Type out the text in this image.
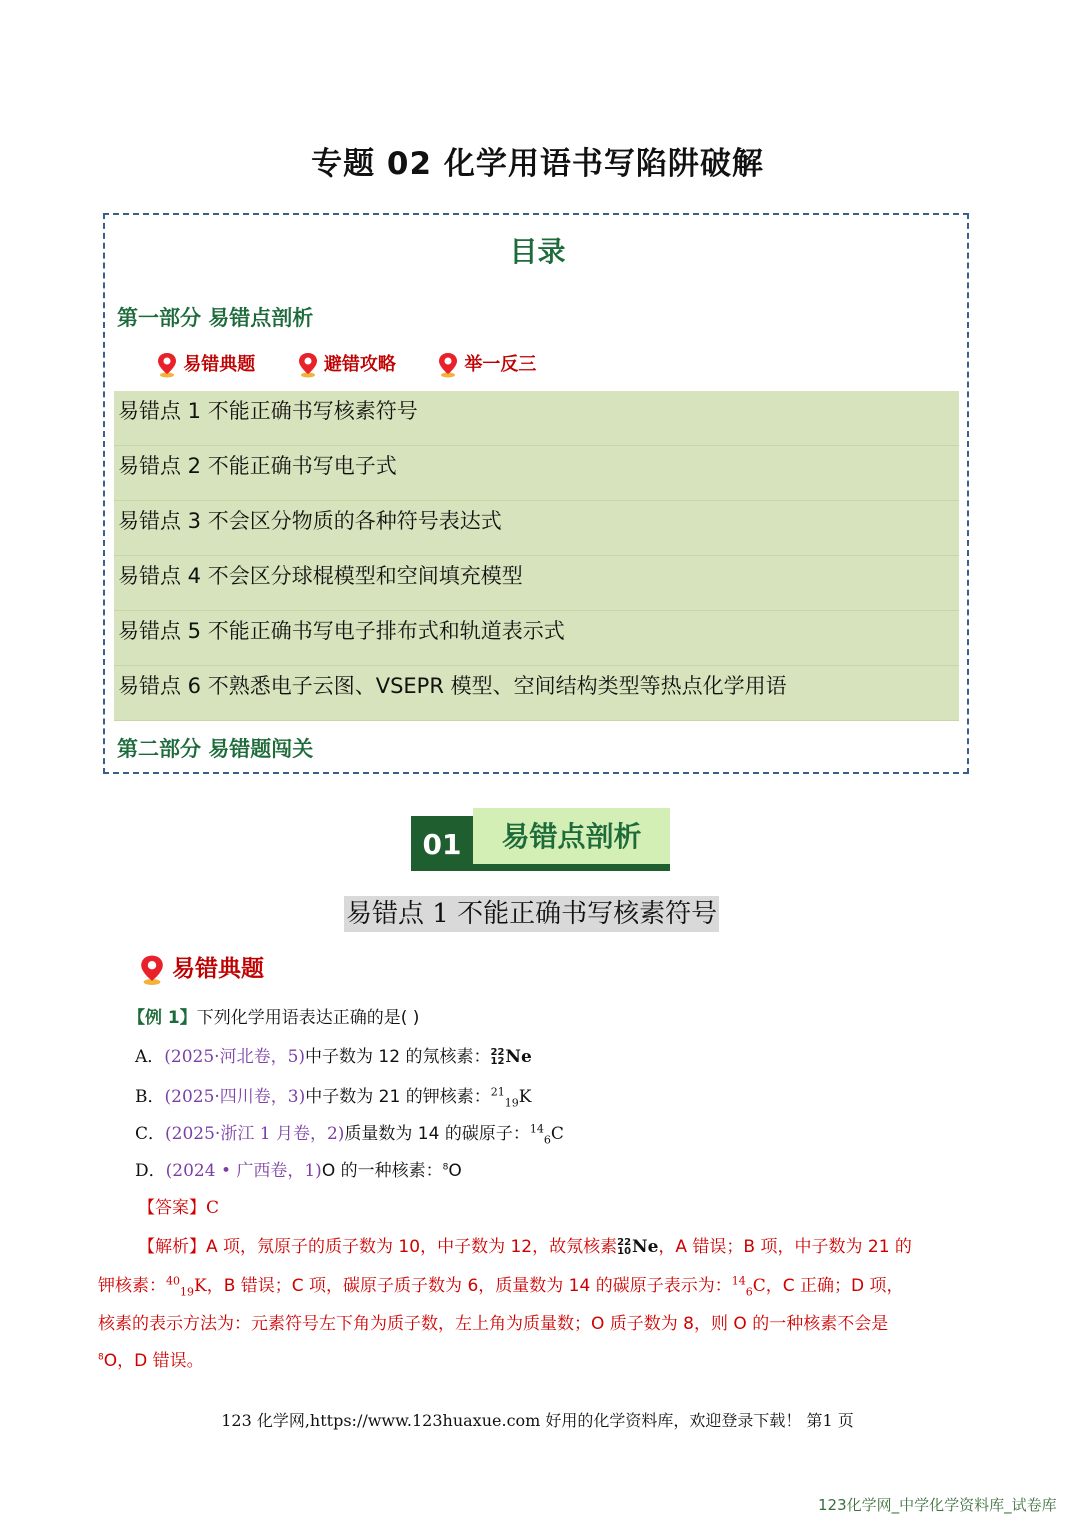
专题 02 化学用语书写陷阱破解
目录
第一部分 易错点剖析
易错典题	避错攻略	举一反三
易错点 1 不能正确书写核素符号
易错点 2 不能正确书写电子式
易错点 3 不会区分物质的各种符号表达式
易错点 4 不会区分球棍模型和空间填充模型
易错点 5 不能正确书写电子排布式和轨道表示式
易错点 6 不熟悉电子云图、VSEPR 模型、空间结构类型等热点化学用语
第二部分 易错题闯关
01	易错点剖析
易错点 1 不能正确书写核素符号
易错典题
【例 1】下列化学用语表达正确的是( )
A．(2025·河北卷，5)中子数为 12 的氖核素：22
12Ne
B．(2025·四川卷，3)中子数为 21 的钾核素：$^{21}_{19}$K
C．(2025·浙江 1 月卷，2)质量数为 14 的碳原子：$^{14}_6$C
D．(2024 • 广西卷，1)O 的一种核素：$^8$O
【答案】C
【解析】A 项，氖原子的质子数为 10，中子数为 12，故氖核素22
10Ne，A 错误；B 项，中子数为 21 的
钾核素：$^{40}_{19}$K，B 错误；C 项，碳原子质子数为 6，质量数为 14 的碳原子表示为：$^{14}_6$C，C 正确；D 项，
核素的表示方法为：元素符号左下角为质子数，左上角为质量数；O 质子数为 8，则 O 的一种核素不会是
$^8$O，D 错误。
123 化学网,https://www.123huaxue.com 好用的化学资料库，欢迎登录下载！ 第1 页
123化学网_中学化学资料库_试卷库
